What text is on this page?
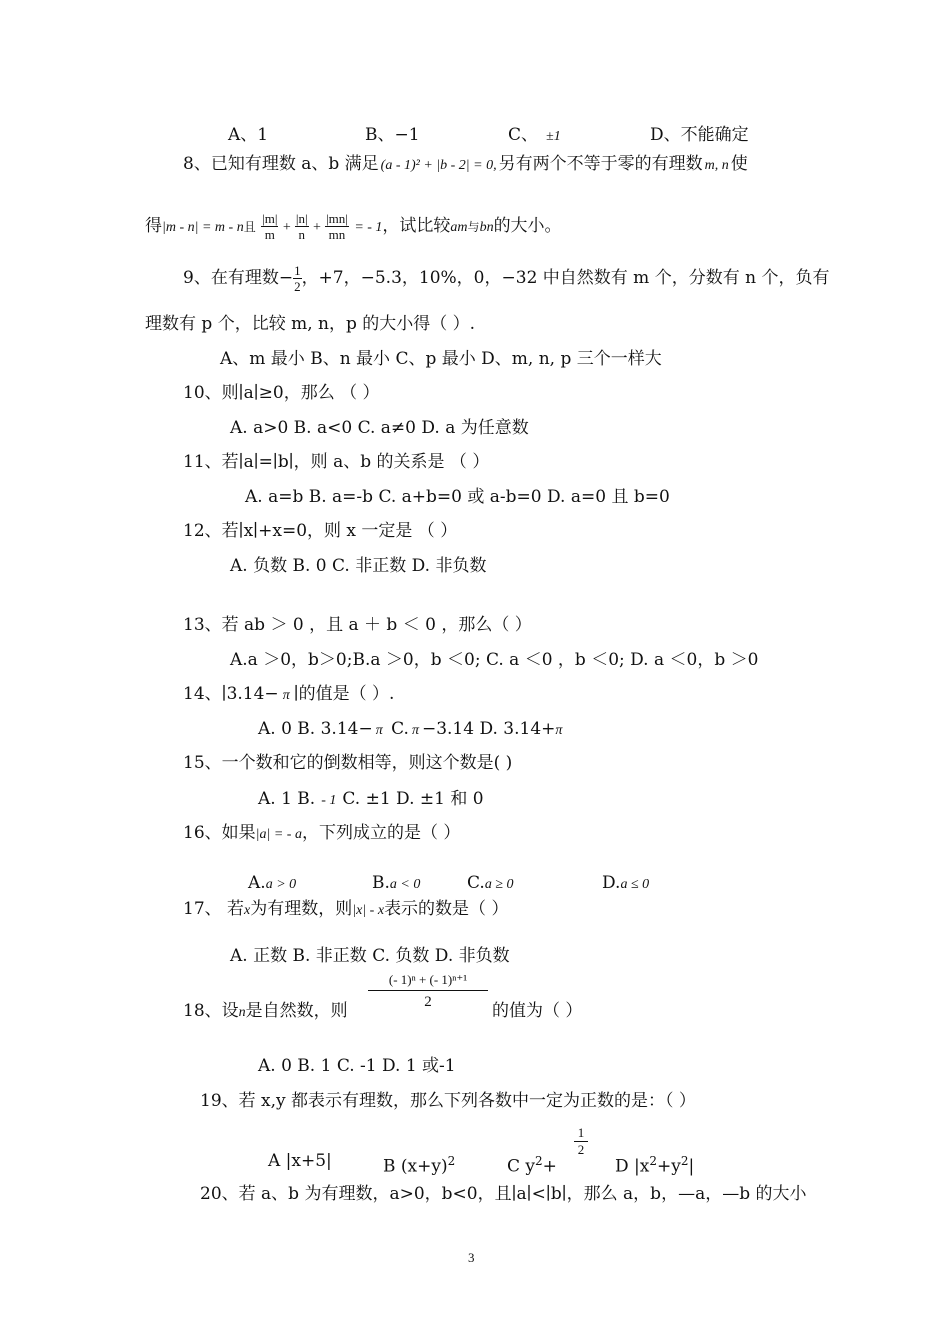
A、1	B、−1	C、 ±1	D、不能确定
8、已知有理数 a、b 满足 (a - 1)² + |b - 2| = 0, 另有两个不等于零的有理数 m, n 使
得|m - n| = m - n且 $\frac{|m|}{m} + \frac{|n|}{n} + \frac{|mn|}{mn}$ = - 1，试比较am与bn的大小。
9、在有理数− $\frac{1}{2}$ ，+7，−5.3，10%，0，−32 中自然数有 m 个，分数有 n 个，负有
理数有 p 个，比较 m, n，p 的大小得（ ）.
A、m 最小 B、n 最小 C、p 最小 D、m, n, p 三个一样大
10、则∣a∣≥0，那么 （ ）
A. a>0 B. a<0 C. a≠0 D. a 为任意数
11、若∣a∣=∣b∣，则 a、b 的关系是 （ ）
A. a=b B. a=-b C. a+b=0 或 a-b=0 D. a=0 且 b=0
12、若∣x∣+x=0，则 x 一定是 （ ）
A. 负数 B. 0 C. 非正数 D. 非负数
13、若 ab ＞ 0 ，且 a ＋ b ＜ 0 ，那么（ ）
A.a ＞0，b＞0;B.a ＞0，b ＜0; C. a ＜0 ，b ＜0; D. a ＜0，b ＞0
14、∣3.14− π ∣的值是（ ）.
A. 0 B. 3.14− π C. π −3.14 D. 3.14+π
15、一个数和它的倒数相等，则这个数是( )
A. 1 B. - 1 C. ±1 D. ±1 和 0
16、如果|a| = - a，下列成立的是（ ）
A.a > 0	B.a < 0	C.a ≥ 0	D.a ≤ 0
17、 若x为有理数，则|x| - x表示的数是（ ）
A. 正数 B. 非正数 C. 负数 D. 非负数
18、设n是自然数，则
(- 1)ⁿ + (- 1)ⁿ⁺¹
2	的值为（ ）
A. 0 B. 1 C. -1 D. 1 或-1
19、若 x,y 都表示有理数，那么下列各数中一定为正数的是：（ ）
A |x+5|	B $(x+y)^2$	C $y^2+$
1
2
D $|x^2+y^2|$
20、若 a、b 为有理数，a>0，b<0，且∣a∣<∣b∣，那么 a，b，—a，—b 的大小
3
